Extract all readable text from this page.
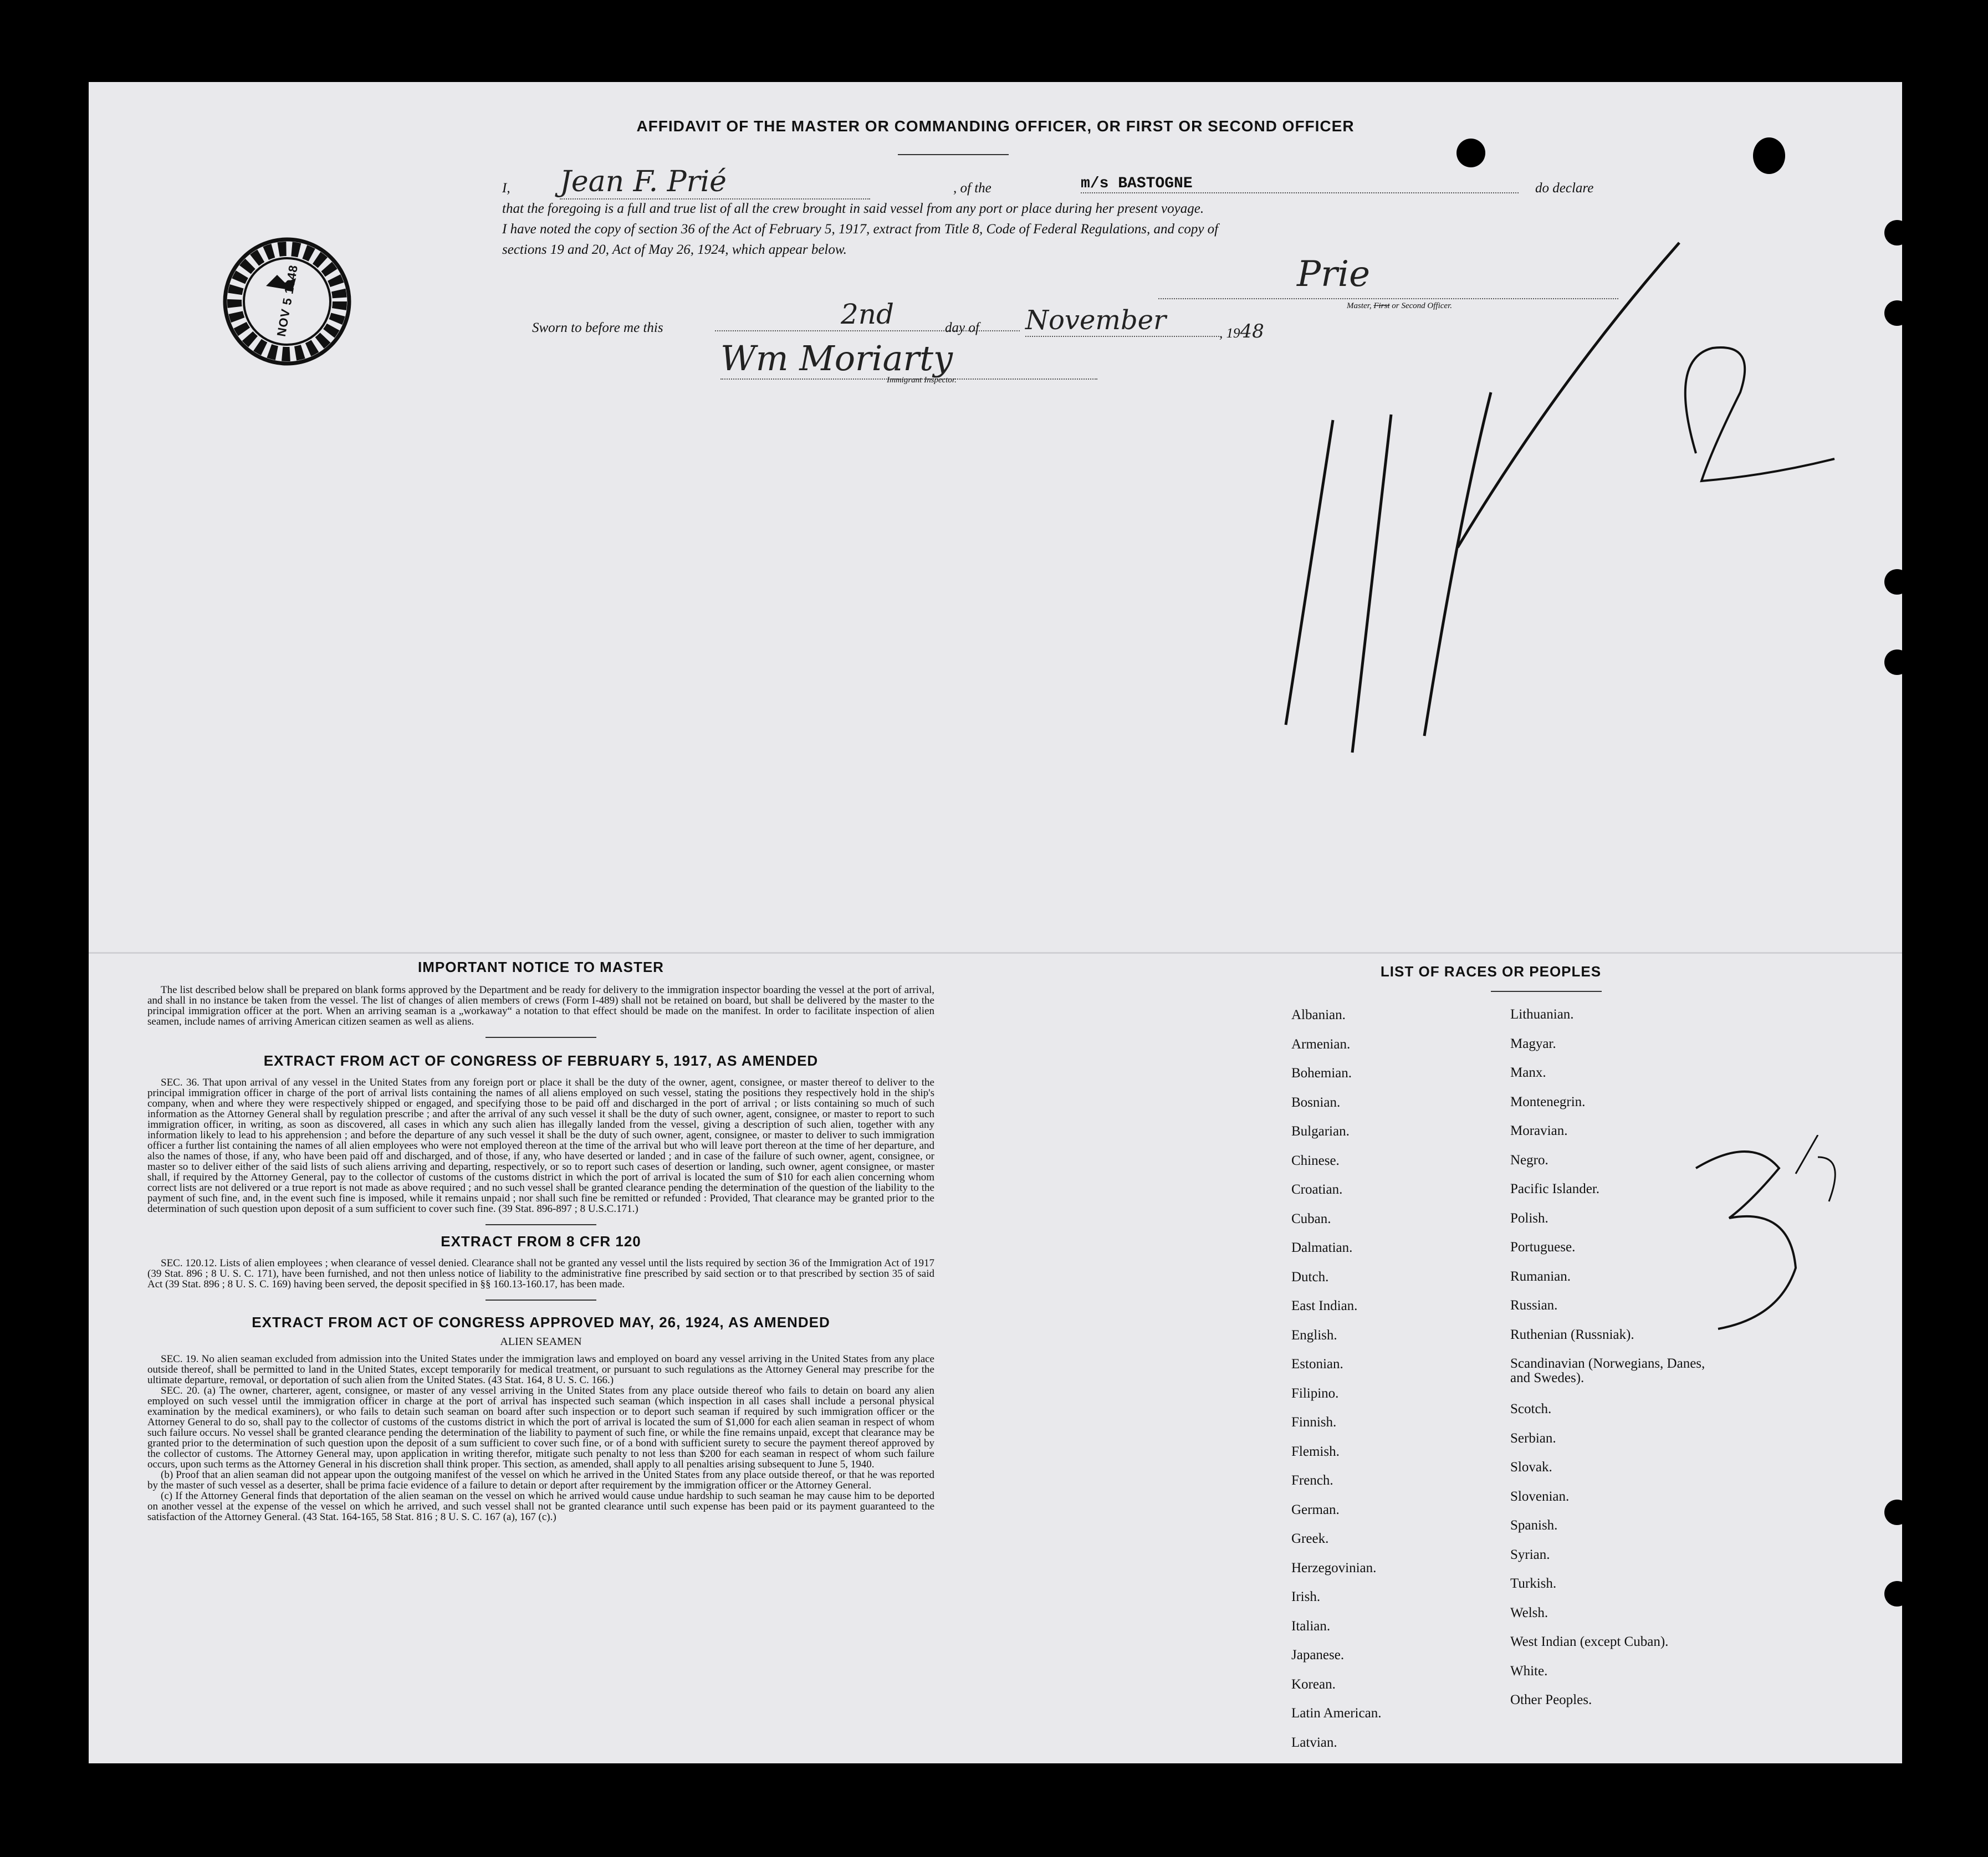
AFFIDAVIT OF THE MASTER OR COMMANDING OFFICER, OR FIRST OR SECOND OFFICER
I, Jean F. Prié	, of the	m/s BASTOGNE	do declare
that the foregoing is a full and true list of all the crew brought in said vessel from any port or place during her present voyage.
I have noted the copy of section 36 of the Act of February 5, 1917, extract from Title 8, Code of Federal Regulations, and copy of
sections 19 and 20, Act of May 26, 1924, which appear below.
Prie
Master, First or Second Officer.
Sworn to before me this	2nd	day of November	, 1948
Wm Moriarty
Immigrant Inspector.
NOV 5 1948
IMPORTANT NOTICE TO MASTER

The list described below shall be prepared on blank forms approved by the Department and be ready for delivery to the immigration inspector boarding the vessel at the port of arrival, and shall in no instance be taken from the vessel. The list of changes of alien members of crews (Form I-489) shall not be retained on board, but shall be delivered by the master to the principal immigration officer at the port. When an arriving seaman is a „workaway“ a notation to that effect should be made on the manifest. In order to facilitate inspection of alien seamen, include names of arriving American citizen seamen as well as aliens.

EXTRACT FROM ACT OF CONGRESS OF FEBRUARY 5, 1917, AS AMENDED

SEC. 36. That upon arrival of any vessel in the United States from any foreign port or place it shall be the duty of the owner, agent, consignee, or master thereof to deliver to the principal immigration officer in charge of the port of arrival lists containing the names of all aliens employed on such vessel, stating the positions they respectively hold in the ship's company, when and where they were respectively shipped or engaged, and specifying those to be paid off and discharged in the port of arrival ; or lists containing so much of such information as the Attorney General shall by regulation prescribe ; and after the arrival of any such vessel it shall be the duty of such owner, agent, consignee, or master to report to such immigration officer, in writing, as soon as discovered, all cases in which any such alien has illegally landed from the vessel, giving a description of such alien, together with any information likely to lead to his apprehension ; and before the departure of any such vessel it shall be the duty of such owner, agent, consignee, or master to deliver to such immigration officer a further list containing the names of all alien employees who were not employed thereon at the time of the arrival but who will leave port thereon at the time of her departure, and also the names of those, if any, who have been paid off and discharged, and of those, if any, who have deserted or landed ; and in case of the failure of such owner, agent, consignee, or master so to deliver either of the said lists of such aliens arriving and departing, respectively, or so to report such cases of desertion or landing, such owner, agent consignee, or master shall, if required by the Attorney General, pay to the collector of customs of the customs district in which the port of arrival is located the sum of $10 for each alien concerning whom correct lists are not delivered or a true report is not made as above required ; and no such vessel shall be granted clearance pending the determination of the question of the liability to the payment of such fine, and, in the event such fine is imposed, while it remains unpaid ; nor shall such fine be remitted or refunded : Provided, That clearance may be granted prior to the determination of such question upon deposit of a sum sufficient to cover such fine. (39 Stat. 896-897 ; 8 U.S.C.171.)

EXTRACT FROM 8 CFR 120

SEC. 120.12. Lists of alien employees ; when clearance of vessel denied. Clearance shall not be granted any vessel until the lists required by section 36 of the Immigration Act of 1917 (39 Stat. 896 ; 8 U. S. C. 171), have been furnished, and not then unless notice of liability to the administrative fine prescribed by said section or to that prescribed by section 35 of said Act (39 Stat. 896 ; 8 U. S. C. 169) having been served, the deposit specified in §§ 160.13-160.17, has been made.

EXTRACT FROM ACT OF CONGRESS APPROVED MAY, 26, 1924, AS AMENDED
ALIEN SEAMEN

SEC. 19. No alien seaman excluded from admission into the United States under the immigration laws and employed on board any vessel arriving in the United States from any place outside thereof, shall be permitted to land in the United States, except temporarily for medical treatment, or pursuant to such regulations as the Attorney General may prescribe for the ultimate departure, removal, or deportation of such alien from the United States. (43 Stat. 164, 8 U. S. C. 166.)

SEC. 20. (a) The owner, charterer, agent, consignee, or master of any vessel arriving in the United States from any place outside thereof who fails to detain on board any alien employed on such vessel until the immigration officer in charge at the port of arrival has inspected such seaman (which inspection in all cases shall include a personal physical examination by the medical examiners), or who fails to detain such seaman on board after such inspection or to deport such seaman if required by such immigration officer or the Attorney General to do so, shall pay to the collector of customs of the customs district in which the port of arrival is located the sum of $1,000 for each alien seaman in respect of whom such failure occurs. No vessel shall be granted clearance pending the determination of the liability to payment of such fine, or while the fine remains unpaid, except that clearance may be granted prior to the determination of such question upon the deposit of a sum sufficient to cover such fine, or of a bond with sufficient surety to secure the payment thereof approved by the collector of customs. The Attorney General may, upon application in writing therefor, mitigate such penalty to not less than $200 for each seaman in respect of whom such failure occurs, upon such terms as the Attorney General in his discretion shall think proper. This section, as amended, shall apply to all penalties arising subsequent to June 5, 1940.

(b) Proof that an alien seaman did not appear upon the outgoing manifest of the vessel on which he arrived in the United States from any place outside thereof, or that he was reported by the master of such vessel as a deserter, shall be prima facie evidence of a failure to detain or deport after requirement by the immigration officer or the Attorney General.

(c) If the Attorney General finds that deportation of the alien seaman on the vessel on which he arrived would cause undue hardship to such seaman he may cause him to be deported on another vessel at the expense of the vessel on which he arrived, and such vessel shall not be granted clearance until such expense has been paid or its payment guaranteed to the satisfaction of the Attorney General. (43 Stat. 164-165, 58 Stat. 816 ; 8 U. S. C. 167 (a), 167 (c).)

LIST OF RACES OR PEOPLES
Albanian.
Armenian.
Bohemian.
Bosnian.
Bulgarian.
Chinese.
Croatian.
Cuban.
Dalmatian.
Dutch.
East Indian.
English.
Estonian.
Filipino.
Finnish.
Flemish.
French.
German.
Greek.
Herzegovinian.
Irish.
Italian.
Japanese.
Korean.
Latin American.
Latvian.
Lithuanian.
Magyar.
Manx.
Montenegrin.
Moravian.
Negro.
Pacific Islander.
Polish.
Portuguese.
Rumanian.
Russian.
Ruthenian (Russniak).
Scandinavian (Norwegians, Danes, and Swedes).
Scotch.
Serbian.
Slovak.
Slovenian.
Spanish.
Syrian.
Turkish.
Welsh.
West Indian (except Cuban).
White.
Other Peoples.
